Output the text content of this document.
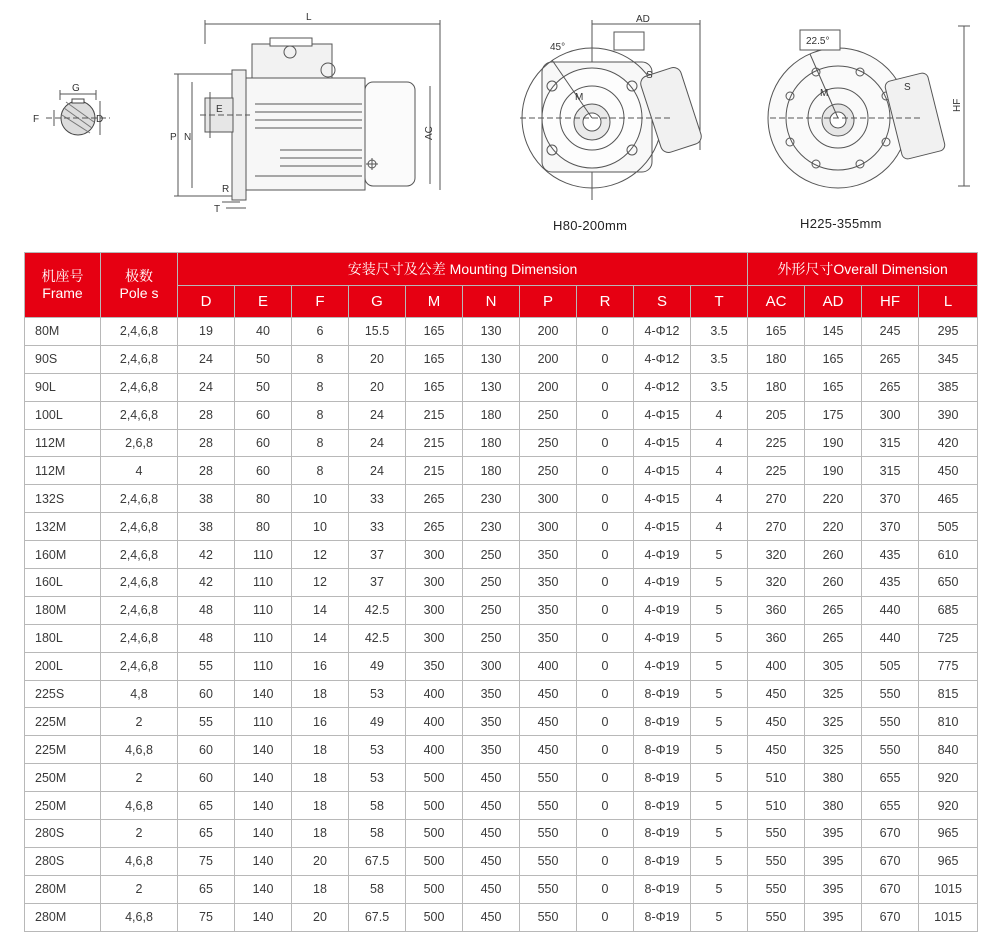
G
F	D
L
E
P N
R
T
AC
AD
45°
M
S
22.5°
M
S
HF
H80-200mm	H225-355mm
机座号
Frame	极数
Pole s	安装尺寸及公差 Mounting Dimension										外形尺寸Overall Dimension			
		D	E	F	G	M	N	P	R	S	T	AC	AD	HF	L
80M	2,4,6,8	19	40	6	15.5	165	130	200	0	4-Φ12	3.5	165	145	245	295
90S	2,4,6,8	24	50	8	20	165	130	200	0	4-Φ12	3.5	180	165	265	345
90L	2,4,6,8	24	50	8	20	165	130	200	0	4-Φ12	3.5	180	165	265	385
100L	2,4,6,8	28	60	8	24	215	180	250	0	4-Φ15	4	205	175	300	390
112M	2,6,8	28	60	8	24	215	180	250	0	4-Φ15	4	225	190	315	420
112M	4	28	60	8	24	215	180	250	0	4-Φ15	4	225	190	315	450
132S	2,4,6,8	38	80	10	33	265	230	300	0	4-Φ15	4	270	220	370	465
132M	2,4,6,8	38	80	10	33	265	230	300	0	4-Φ15	4	270	220	370	505
160M	2,4,6,8	42	110	12	37	300	250	350	0	4-Φ19	5	320	260	435	610
160L	2,4,6,8	42	110	12	37	300	250	350	0	4-Φ19	5	320	260	435	650
180M	2,4,6,8	48	110	14	42.5	300	250	350	0	4-Φ19	5	360	265	440	685
180L	2,4,6,8	48	110	14	42.5	300	250	350	0	4-Φ19	5	360	265	440	725
200L	2,4,6,8	55	110	16	49	350	300	400	0	4-Φ19	5	400	305	505	775
225S	4,8	60	140	18	53	400	350	450	0	8-Φ19	5	450	325	550	815
225M	2	55	110	16	49	400	350	450	0	8-Φ19	5	450	325	550	810
225M	4,6,8	60	140	18	53	400	350	450	0	8-Φ19	5	450	325	550	840
250M	2	60	140	18	53	500	450	550	0	8-Φ19	5	510	380	655	920
250M	4,6,8	65	140	18	58	500	450	550	0	8-Φ19	5	510	380	655	920
280S	2	65	140	18	58	500	450	550	0	8-Φ19	5	550	395	670	965
280S	4,6,8	75	140	20	67.5	500	450	550	0	8-Φ19	5	550	395	670	965
280M	2	65	140	18	58	500	450	550	0	8-Φ19	5	550	395	670	1015
280M	4,6,8	75	140	20	67.5	500	450	550	0	8-Φ19	5	550	395	670	1015
